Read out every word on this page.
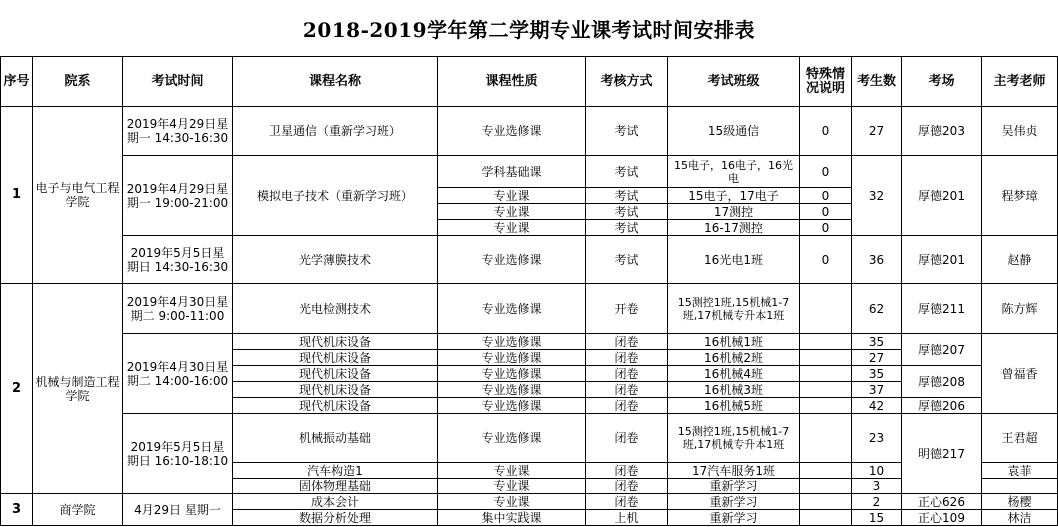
2018-2019学年第二学期专业课考试时间安排表
序号	院系	考试时间	课程名称	课程性质	考核方式	考试班级	特殊情况说明	考生数	考场	主考老师
1	电子与电气工程学院	2019年4月29日星期一 14:30-16:30	卫星通信（重新学习班）	专业选修课	考试	15级通信	0	27	厚德203	吴伟贞
		2019年4月29日星期一 19:00-21:00	模拟电子技术（重新学习班）	学科基础课	考试	15电子，16电子，16光电	0	32	厚德201	程梦璋
				专业课	考试	15电子，17电子	0			
				专业课	考试	17测控	0			
				专业课	考试	16-17测控	0			
		2019年5月5日星期日 14:30-16:30	光学薄膜技术	专业选修课	考试	16光电1班	0	36	厚德201	赵静

2	机械与制造工程学院	2019年4月30日星期二 9:00-11:00	光电检测技术	专业选修课	开卷	15测控1班,15机械1-7班,17机械专升本1班		62	厚德211	陈方辉
		2019年4月30日星期二 14:00-16:00	现代机床设备	专业选修课	闭卷	16机械1班		35	厚德207	曾福香
			现代机床设备	专业选修课	闭卷	16机械2班		27		
			现代机床设备	专业选修课	闭卷	16机械4班		35	厚德208	
			现代机床设备	专业选修课	闭卷	16机械3班		37		
			现代机床设备	专业选修课	闭卷	16机械5班		42	厚德206	
		2019年5月5日星期日 16:10-18:10	机械振动基础	专业选修课	闭卷	15测控1班,15机械1-7班,17机械专升本1班		23	明德217	王君超
			汽车构造1	专业课	闭卷	17汽车服务1班		10		袁菲
			固体物理基础	专业课	闭卷	重新学习		3		
3	商学院	4月29日 星期一	成本会计	专业课	闭卷	重新学习		2	正心626	杨樱
			数据分析处理	集中实践课	上机	重新学习		15	正心109	林洁
